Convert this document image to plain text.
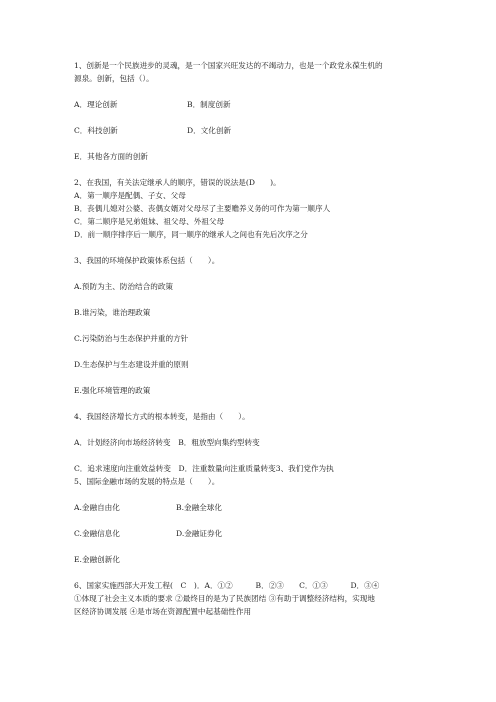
1、创新是一个民族进步的灵魂，是一个国家兴旺发达的不竭动力，也是一个政党永葆生机的
源泉。创新，包括（）。
A．理论创新	B．制度创新
C．科技创新	D．文化创新
E．其他各方面的创新
2、在我国，有关法定继承人的顺序，错误的说法是(D　　)。
A．第一顺序是配偶、子女、父母
B．丧偶儿媳对公婆、丧偶女婿对父母尽了主要赡养义务的可作为第一顺序人
C．第二顺序是兄弟姐妹、祖父母、外祖父母
D．前一顺序排序后一顺序，同一顺序的继承人之间也有先后次序之分
3、我国的环境保护政策体系包括（　　）。
A.预防为主、防治结合的政策
B.谁污染，谁治理政策
C.污染防治与生态保护并重的方针
D.生态保护与生态建设并重的原则
E.强化环境管理的政策
4、我国经济增长方式的根本转变，是指由（　　）。
A．计划经济向市场经济转变　B．粗放型向集约型转变
C．追求速度向注重效益转变　D．注重数量向注重质量转变3、我们党作为执
5、国际金融市场的发展的特点是（　　）。
A.金融自由化	B.金融全球化
C.金融信息化	D.金融证券化
E.金融创新化
6、国家实施西部大开发工程(　C　)．A．①②　　　B．②③　　C．①③　　　D．③④
①体现了社会主义本质的要求 ②最终目的是为了民族团结 ③有助于调整经济结构，实现地
区经济协调发展 ④是市场在资源配置中起基础性作用
